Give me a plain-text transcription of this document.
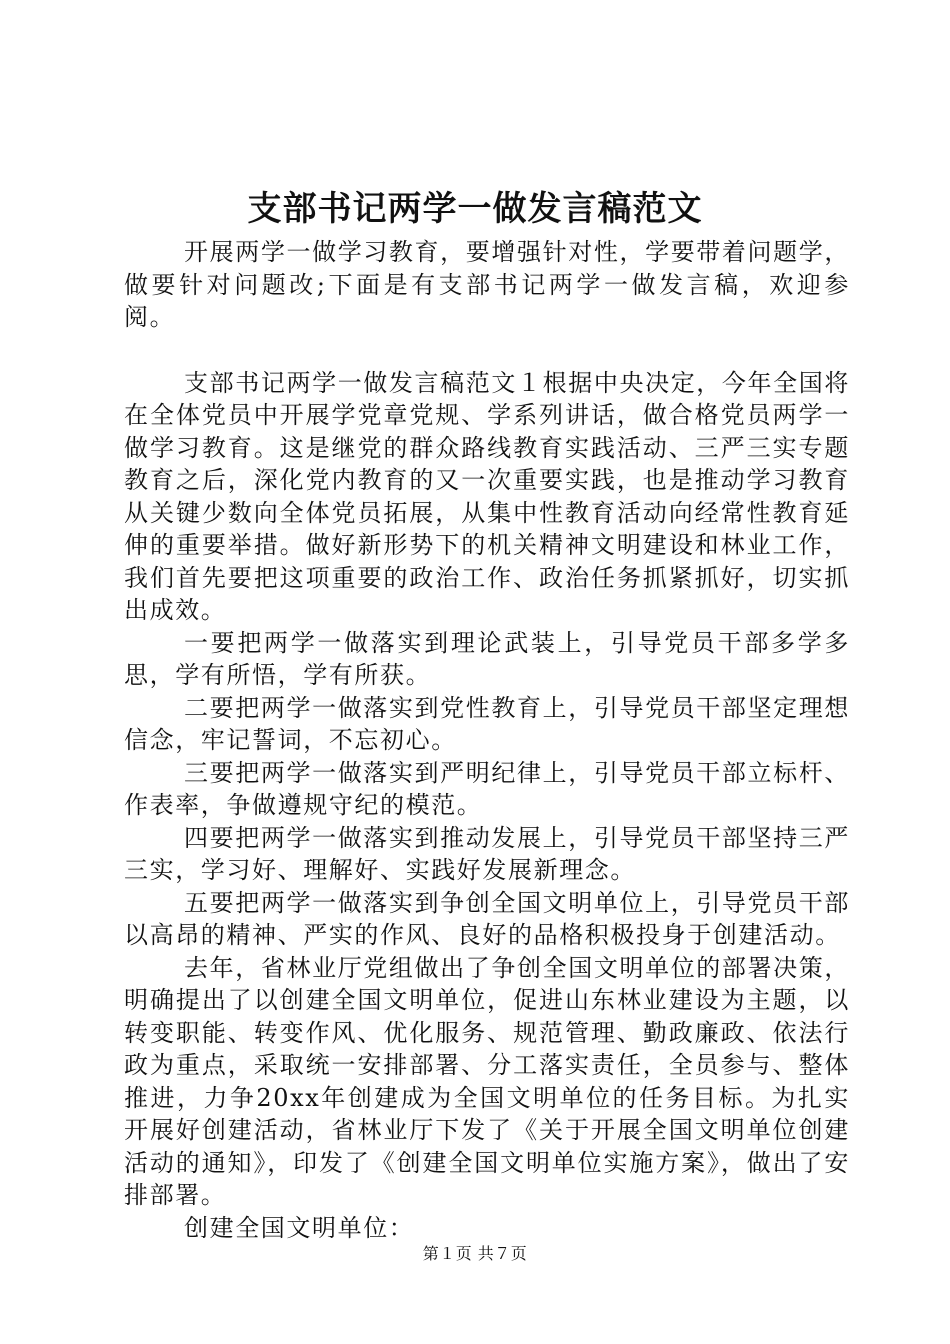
支部书记两学一做发言稿范文

开展两学一做学习教育，要增强针对性，学要带着问题学，做要针对问题改;下面是有支部书记两学一做发言稿，欢迎参阅。

支部书记两学一做发言稿范文１根据中央决定，今年全国将在全体党员中开展学党章党规、学系列讲话，做合格党员两学一做学习教育。这是继党的群众路线教育实践活动、三严三实专题教育之后，深化党内教育的又一次重要实践，也是推动学习教育从关键少数向全体党员拓展，从集中性教育活动向经常性教育延伸的重要举措。做好新形势下的机关精神文明建设和林业工作，我们首先要把这项重要的政治工作、政治任务抓紧抓好，切实抓出成效。

一要把两学一做落实到理论武装上，引导党员干部多学多思，学有所悟，学有所获。

二要把两学一做落实到党性教育上，引导党员干部坚定理想信念，牢记誓词，不忘初心。

三要把两学一做落实到严明纪律上，引导党员干部立标杆、作表率，争做遵规守纪的模范。

四要把两学一做落实到推动发展上，引导党员干部坚持三严三实，学习好、理解好、实践好发展新理念。

五要把两学一做落实到争创全国文明单位上，引导党员干部以高昂的精神、严实的作风、良好的品格积极投身于创建活动。

去年，省林业厅党组做出了争创全国文明单位的部署决策，明确提出了以创建全国文明单位，促进山东林业建设为主题，以转变职能、转变作风、优化服务、规范管理、勤政廉政、依法行政为重点，采取统一安排部署、分工落实责任，全员参与、整体推进，力争20xx年创建成为全国文明单位的任务目标。为扎实开展好创建活动，省林业厅下发了《关于开展全国文明单位创建活动的通知》，印发了《创建全国文明单位实施方案》，做出了安排部署。

创建全国文明单位：

第１页 共７页
